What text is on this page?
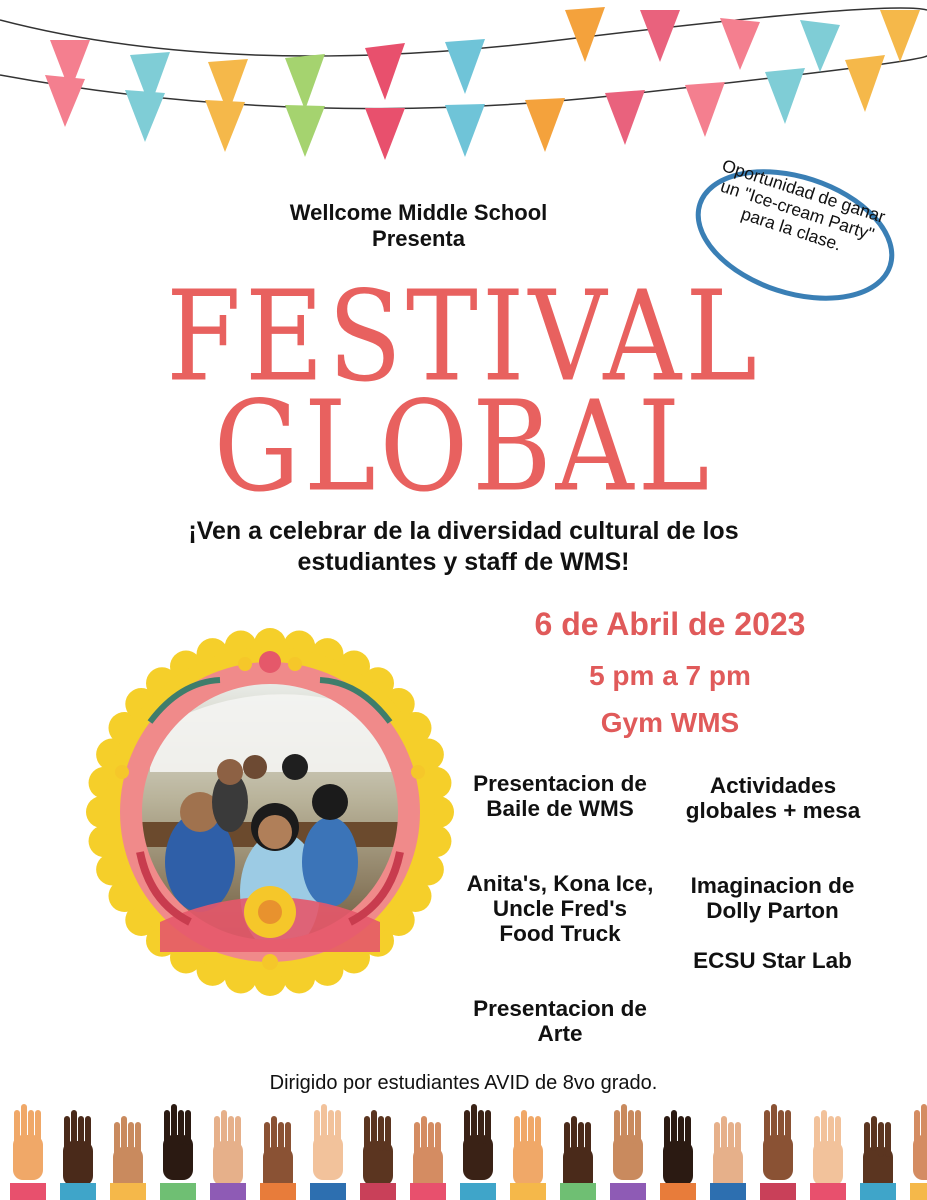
Wellcome Middle School
Presenta
Oportunidad de ganar un "Ice-cream Party" para la clase.
FESTIVAL
GLOBAL
¡Ven a celebrar de la diversidad cultural de los
estudiantes y staff de WMS!
6 de Abril de 2023
5 pm a 7 pm
Gym WMS
Presentacion de Baile de WMS
Anita's, Kona Ice, Uncle Fred's Food Truck
Presentacion de Arte
Actividades globales + mesa
Imaginacion de Dolly Parton
ECSU Star Lab
Dirigido por estudiantes AVID de 8vo grado.
